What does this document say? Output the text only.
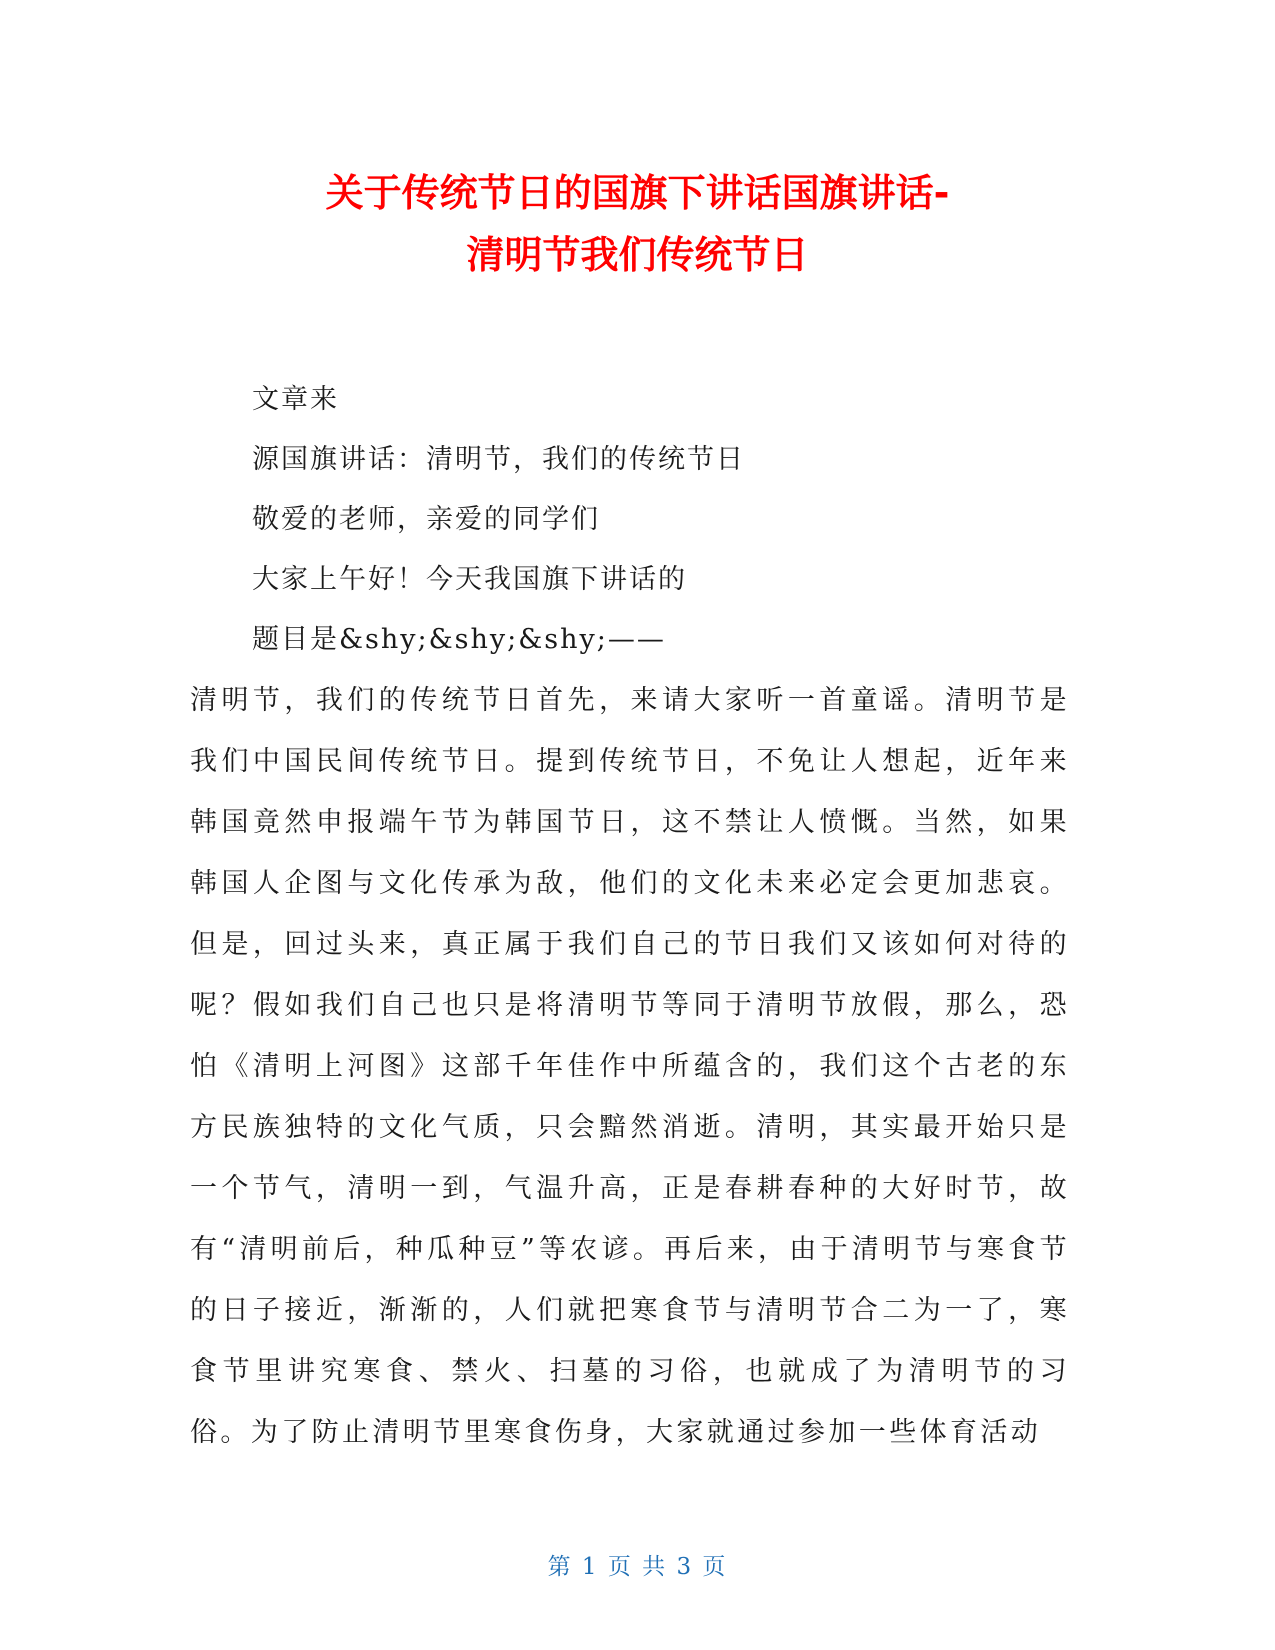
关于传统节日的国旗下讲话国旗讲话-
清明节我们传统节日
文章来
源国旗讲话：清明节，我们的传统节日
敬爱的老师，亲爱的同学们
大家上午好！今天我国旗下讲话的
题目是&shy;&shy;&shy;——

清明节，我们的传统节日首先，来请大家听一首童谣。清明节是我们中国民间传统节日。提到传统节日，不免让人想起，近年来韩国竟然申报端午节为韩国节日，这不禁让人愤慨。当然，如果韩国人企图与文化传承为敌，他们的文化未来必定会更加悲哀。但是，回过头来，真正属于我们自己的节日我们又该如何对待的呢？假如我们自己也只是将清明节等同于清明节放假，那么，恐怕《清明上河图》这部千年佳作中所蕴含的，我们这个古老的东方民族独特的文化气质，只会黯然消逝。清明，其实最开始只是一个节气，清明一到，气温升高，正是春耕春种的大好时节，故有“清明前后，种瓜种豆”等农谚。再后来，由于清明节与寒食节的日子接近，渐渐的，人们就把寒食节与清明节合二为一了，寒食节里讲究寒食、禁火、扫墓的习俗，也就成了为清明节的习俗。为了防止清明节里寒食伤身，大家就通过参加一些体育活动

第 1 页 共 3 页
